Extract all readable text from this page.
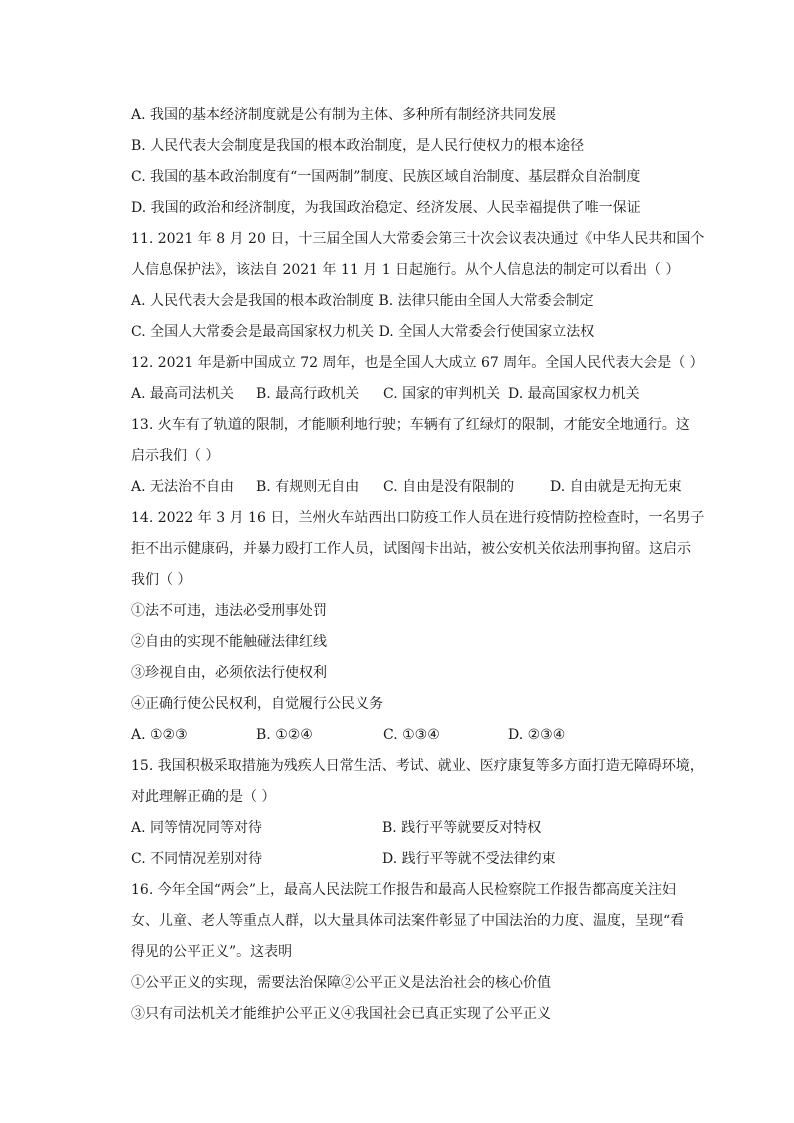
A. 我国的基本经济制度就是公有制为主体、多种所有制经济共同发展
B. 人民代表大会制度是我国的根本政治制度，是人民行使权力的根本途径
C. 我国的基本政治制度有“一国两制”制度、民族区域自治制度、基层群众自治制度
D. 我国的政治和经济制度，为我国政治稳定、经济发展、人民幸福提供了唯一保证
11. 2021 年 8 月 20 日，十三届全国人大常委会第三十次会议表决通过《中华人民共和国个
人信息保护法》，该法自 2021 年 11 月 1 日起施行。从个人信息法的制定可以看出（ ）
A. 人民代表大会是我国的根本政治制度 B. 法律只能由全国人大常委会制定
C. 全国人大常委会是最高国家权力机关 D. 全国人大常委会行使国家立法权
12. 2021 年是新中国成立 72 周年，也是全国人大成立 67 周年。全国人民代表大会是（ ）
A. 最高司法机关	B. 最高行政机关	C. 国家的审判机关 D. 最高国家权力机关
13. 火车有了轨道的限制，才能顺利地行驶；车辆有了红绿灯的限制，才能安全地通行。这
启示我们（ ）
A. 无法治不自由	B. 有规则无自由	C. 自由是没有限制的	D. 自由就是无拘无束
14. 2022 年 3 月 16 日，兰州火车站西出口防疫工作人员在进行疫情防控检查时，一名男子
拒不出示健康码，并暴力殴打工作人员，试图闯卡出站，被公安机关依法刑事拘留。这启示
我们（ ）
①法不可违，违法必受刑事处罚
②自由的实现不能触碰法律红线
③珍视自由，必须依法行使权利
④正确行使公民权利，自觉履行公民义务
A. ①②③	B. ①②④	C. ①③④	D. ②③④
15. 我国积极采取措施为残疾人日常生活、考试、就业、医疗康复等多方面打造无障碍环境，
对此理解正确的是（ ）
A. 同等情况同等对待	B. 践行平等就要反对特权
C. 不同情况差别对待	D. 践行平等就不受法律约束
16. 今年全国“两会”上，最高人民法院工作报告和最高人民检察院工作报告都高度关注妇
女、儿童、老人等重点人群，以大量具体司法案件彰显了中国法治的力度、温度，呈现“看
得见的公平正义”。这表明
①公平正义的实现，需要法治保障②公平正义是法治社会的核心价值
③只有司法机关才能维护公平正义④我国社会已真正实现了公平正义
